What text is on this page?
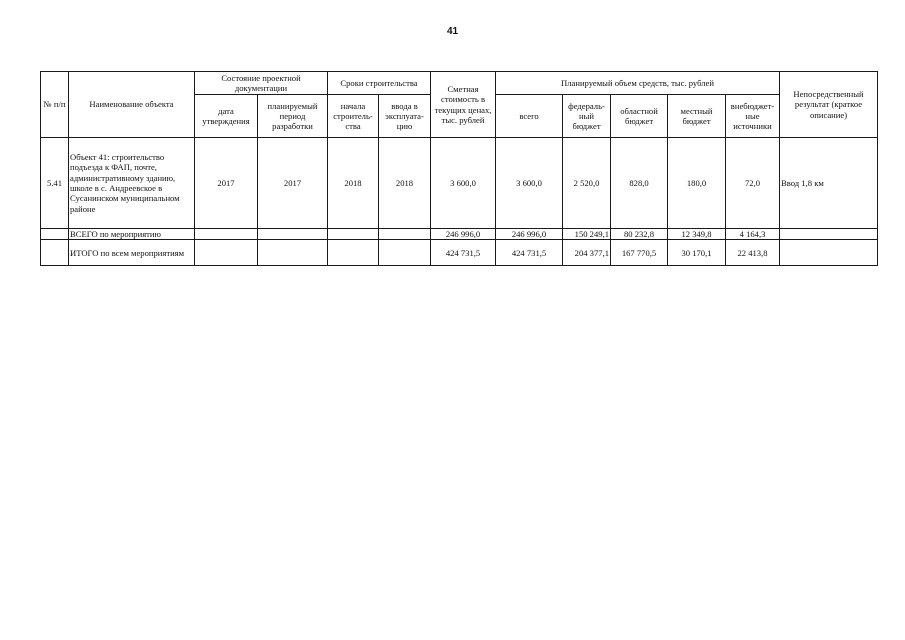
41
№ п/п	Наименование объекта	Состояние проектной документации		Сроки строительства		Сметная стоимость в текущих ценах, тыс. рублей	Планируемый объем средств, тыс. рублей					Непосредственный результат (краткое описание)
		дата утверждения	планируемый период разработки	начала строитель-ства	ввода в эксплуата-цию		всего	федераль-ный бюджет	областной бюджет	местный бюджет	внебюджет-ные источники	
5.41	Объект 41: строительство подъезда к ФАП, почте, административному зданию, школе в с. Андреевское в Сусанинском муниципальном районе	2017	2017	2018	2018	3 600,0	3 600,0	2 520,0	828,0	180,0	72,0	Ввод 1,8 км
	ВСЕГО по мероприятию					246 996,0	246 996,0	150 249,1	80 232,8	12 349,8	4 164,3	
	ИТОГО по всем мероприятиям					424 731,5	424 731,5	204 377,1	167 770,5	30 170,1	22 413,8	
